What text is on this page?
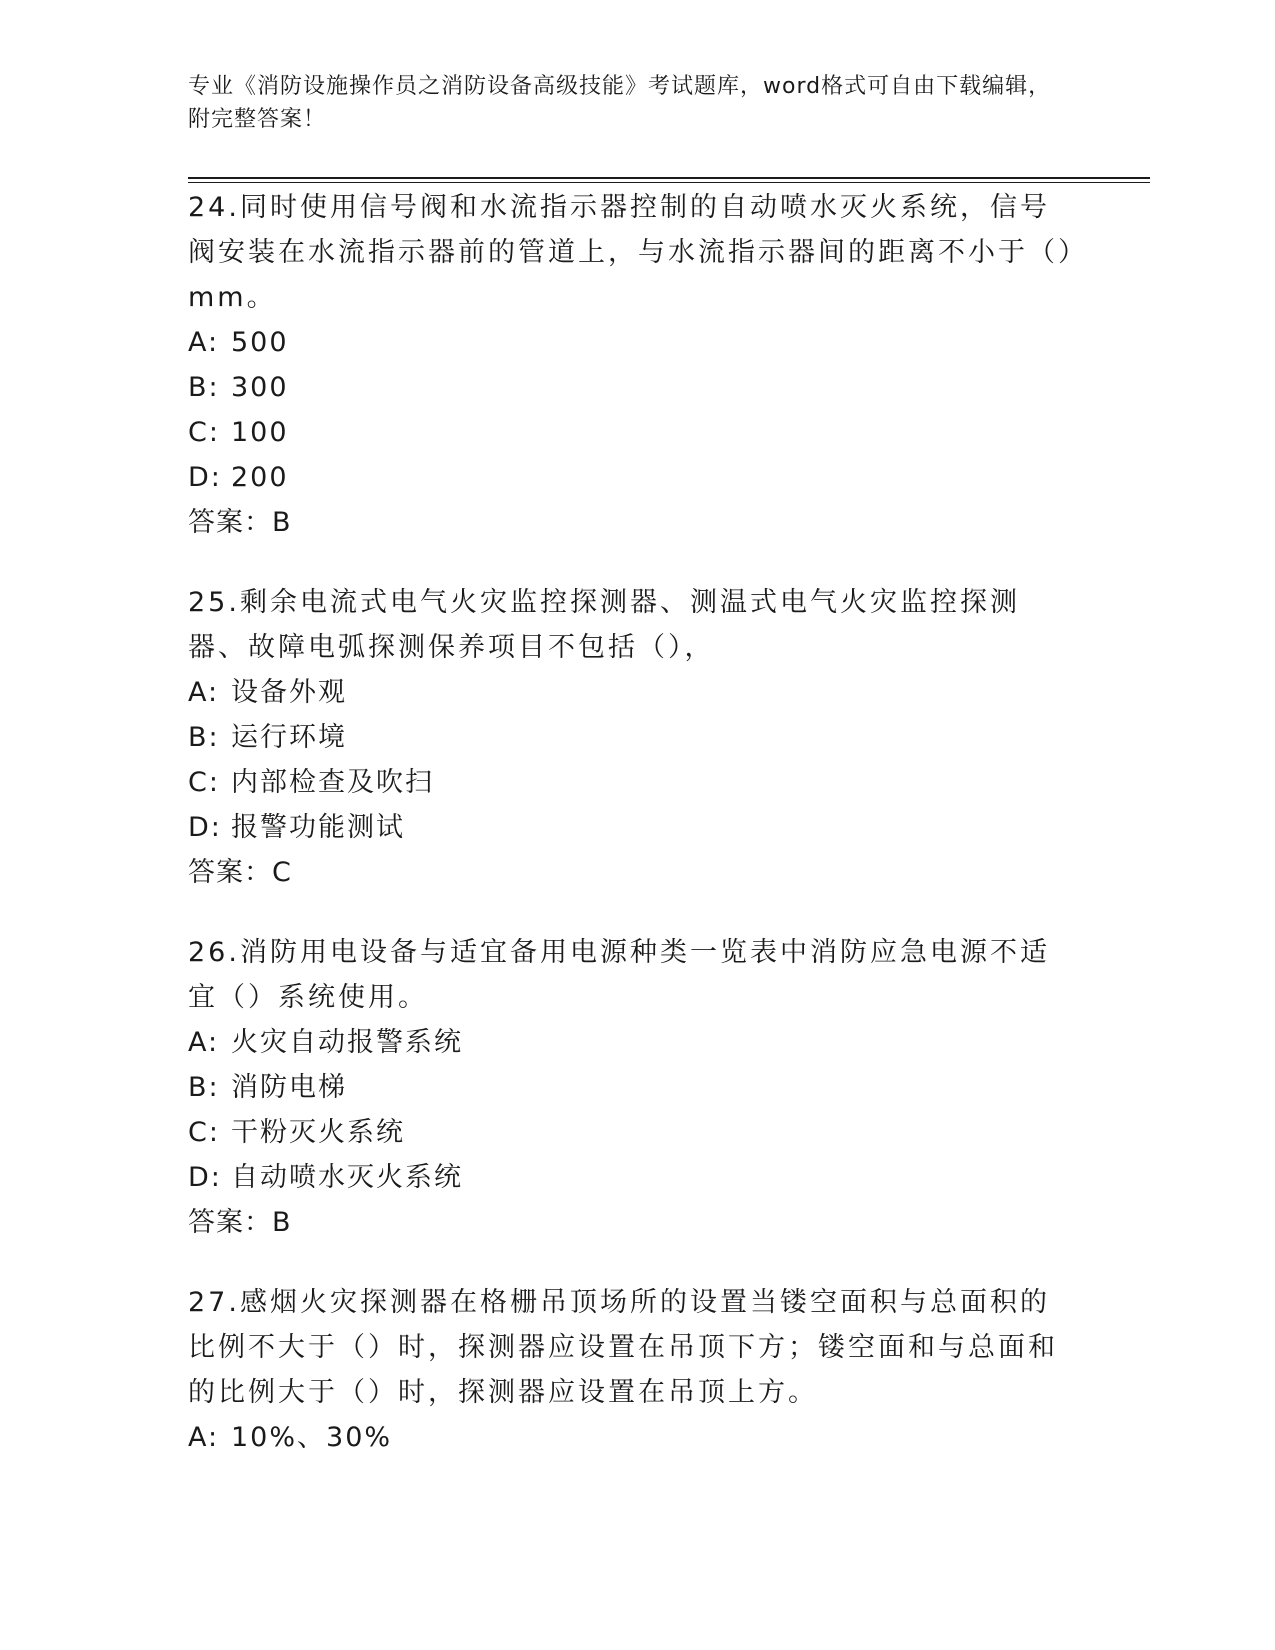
专业《消防设施操作员之消防设备高级技能》考试题库，word格式可自由下载编辑，附完整答案！

24.同时使用信号阀和水流指示器控制的自动喷水灭火系统，信号阀安装在水流指示器前的管道上，与水流指示器间的距离不小于（）mm。

A: 500

B: 300

C: 100

D: 200

答案：B

25.剩余电流式电气火灾监控探测器、测温式电气火灾监控探测器、故障电弧探测保养项目不包括（），

A: 设备外观

B: 运行环境

C: 内部检查及吹扫

D: 报警功能测试

答案：C

26.消防用电设备与适宜备用电源种类一览表中消防应急电源不适宜（）系统使用。

A: 火灾自动报警系统

B: 消防电梯

C: 干粉灭火系统

D: 自动喷水灭火系统

答案：B

27.感烟火灾探测器在格栅吊顶场所的设置当镂空面积与总面积的比例不大于（）时，探测器应设置在吊顶下方；镂空面和与总面和的比例大于（）时，探测器应设置在吊顶上方。

A: 10%、30%
